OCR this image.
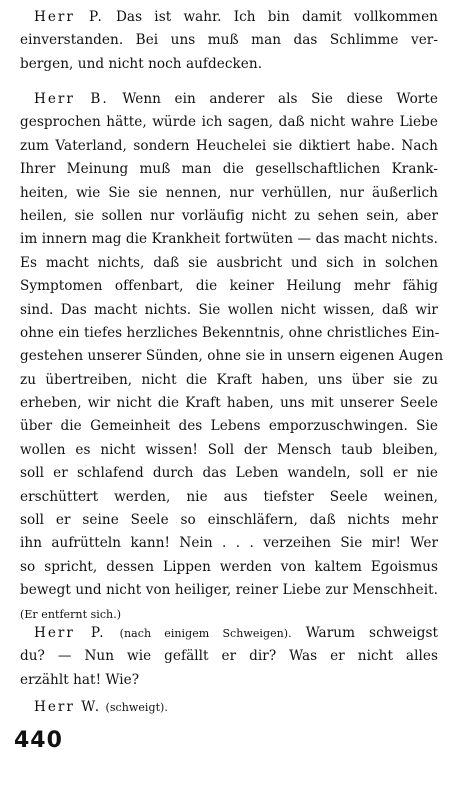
Herr P. Das ist wahr. Ich bin damit vollkommen
einverstanden. Bei uns muß man das Schlimme ver-
bergen, und nicht noch aufdecken.
Herr B. Wenn ein anderer als Sie diese Worte
gesprochen hätte, würde ich sagen, daß nicht wahre Liebe
zum Vaterland, sondern Heuchelei sie diktiert habe. Nach
Ihrer Meinung muß man die gesellschaftlichen Krank-
heiten, wie Sie sie nennen, nur verhüllen, nur äußerlich
heilen, sie sollen nur vorläufig nicht zu sehen sein, aber
im innern mag die Krankheit fortwüten — das macht nichts.
Es macht nichts, daß sie ausbricht und sich in solchen
Symptomen offenbart, die keiner Heilung mehr fähig
sind. Das macht nichts. Sie wollen nicht wissen, daß wir
ohne ein tiefes herzliches Bekenntnis, ohne christliches Ein-
gestehen unserer Sünden, ohne sie in unsern eigenen Augen
zu übertreiben, nicht die Kraft haben, uns über sie zu
erheben, wir nicht die Kraft haben, uns mit unserer Seele
über die Gemeinheit des Lebens emporzuschwingen. Sie
wollen es nicht wissen! Soll der Mensch taub bleiben,
soll er schlafend durch das Leben wandeln, soll er nie
erschüttert werden, nie aus tiefster Seele weinen,
soll er seine Seele so einschläfern, daß nichts mehr
ihn aufrütteln kann! Nein . . . verzeihen Sie mir! Wer
so spricht, dessen Lippen werden von kaltem Egoismus
bewegt und nicht von heiliger, reiner Liebe zur Menschheit.
(Er entfernt sich.)
Herr P. (nach einigem Schweigen). Warum schweigst
du? — Nun wie gefällt er dir? Was er nicht alles
erzählt hat! Wie?
Herr W. (schweigt).
440
